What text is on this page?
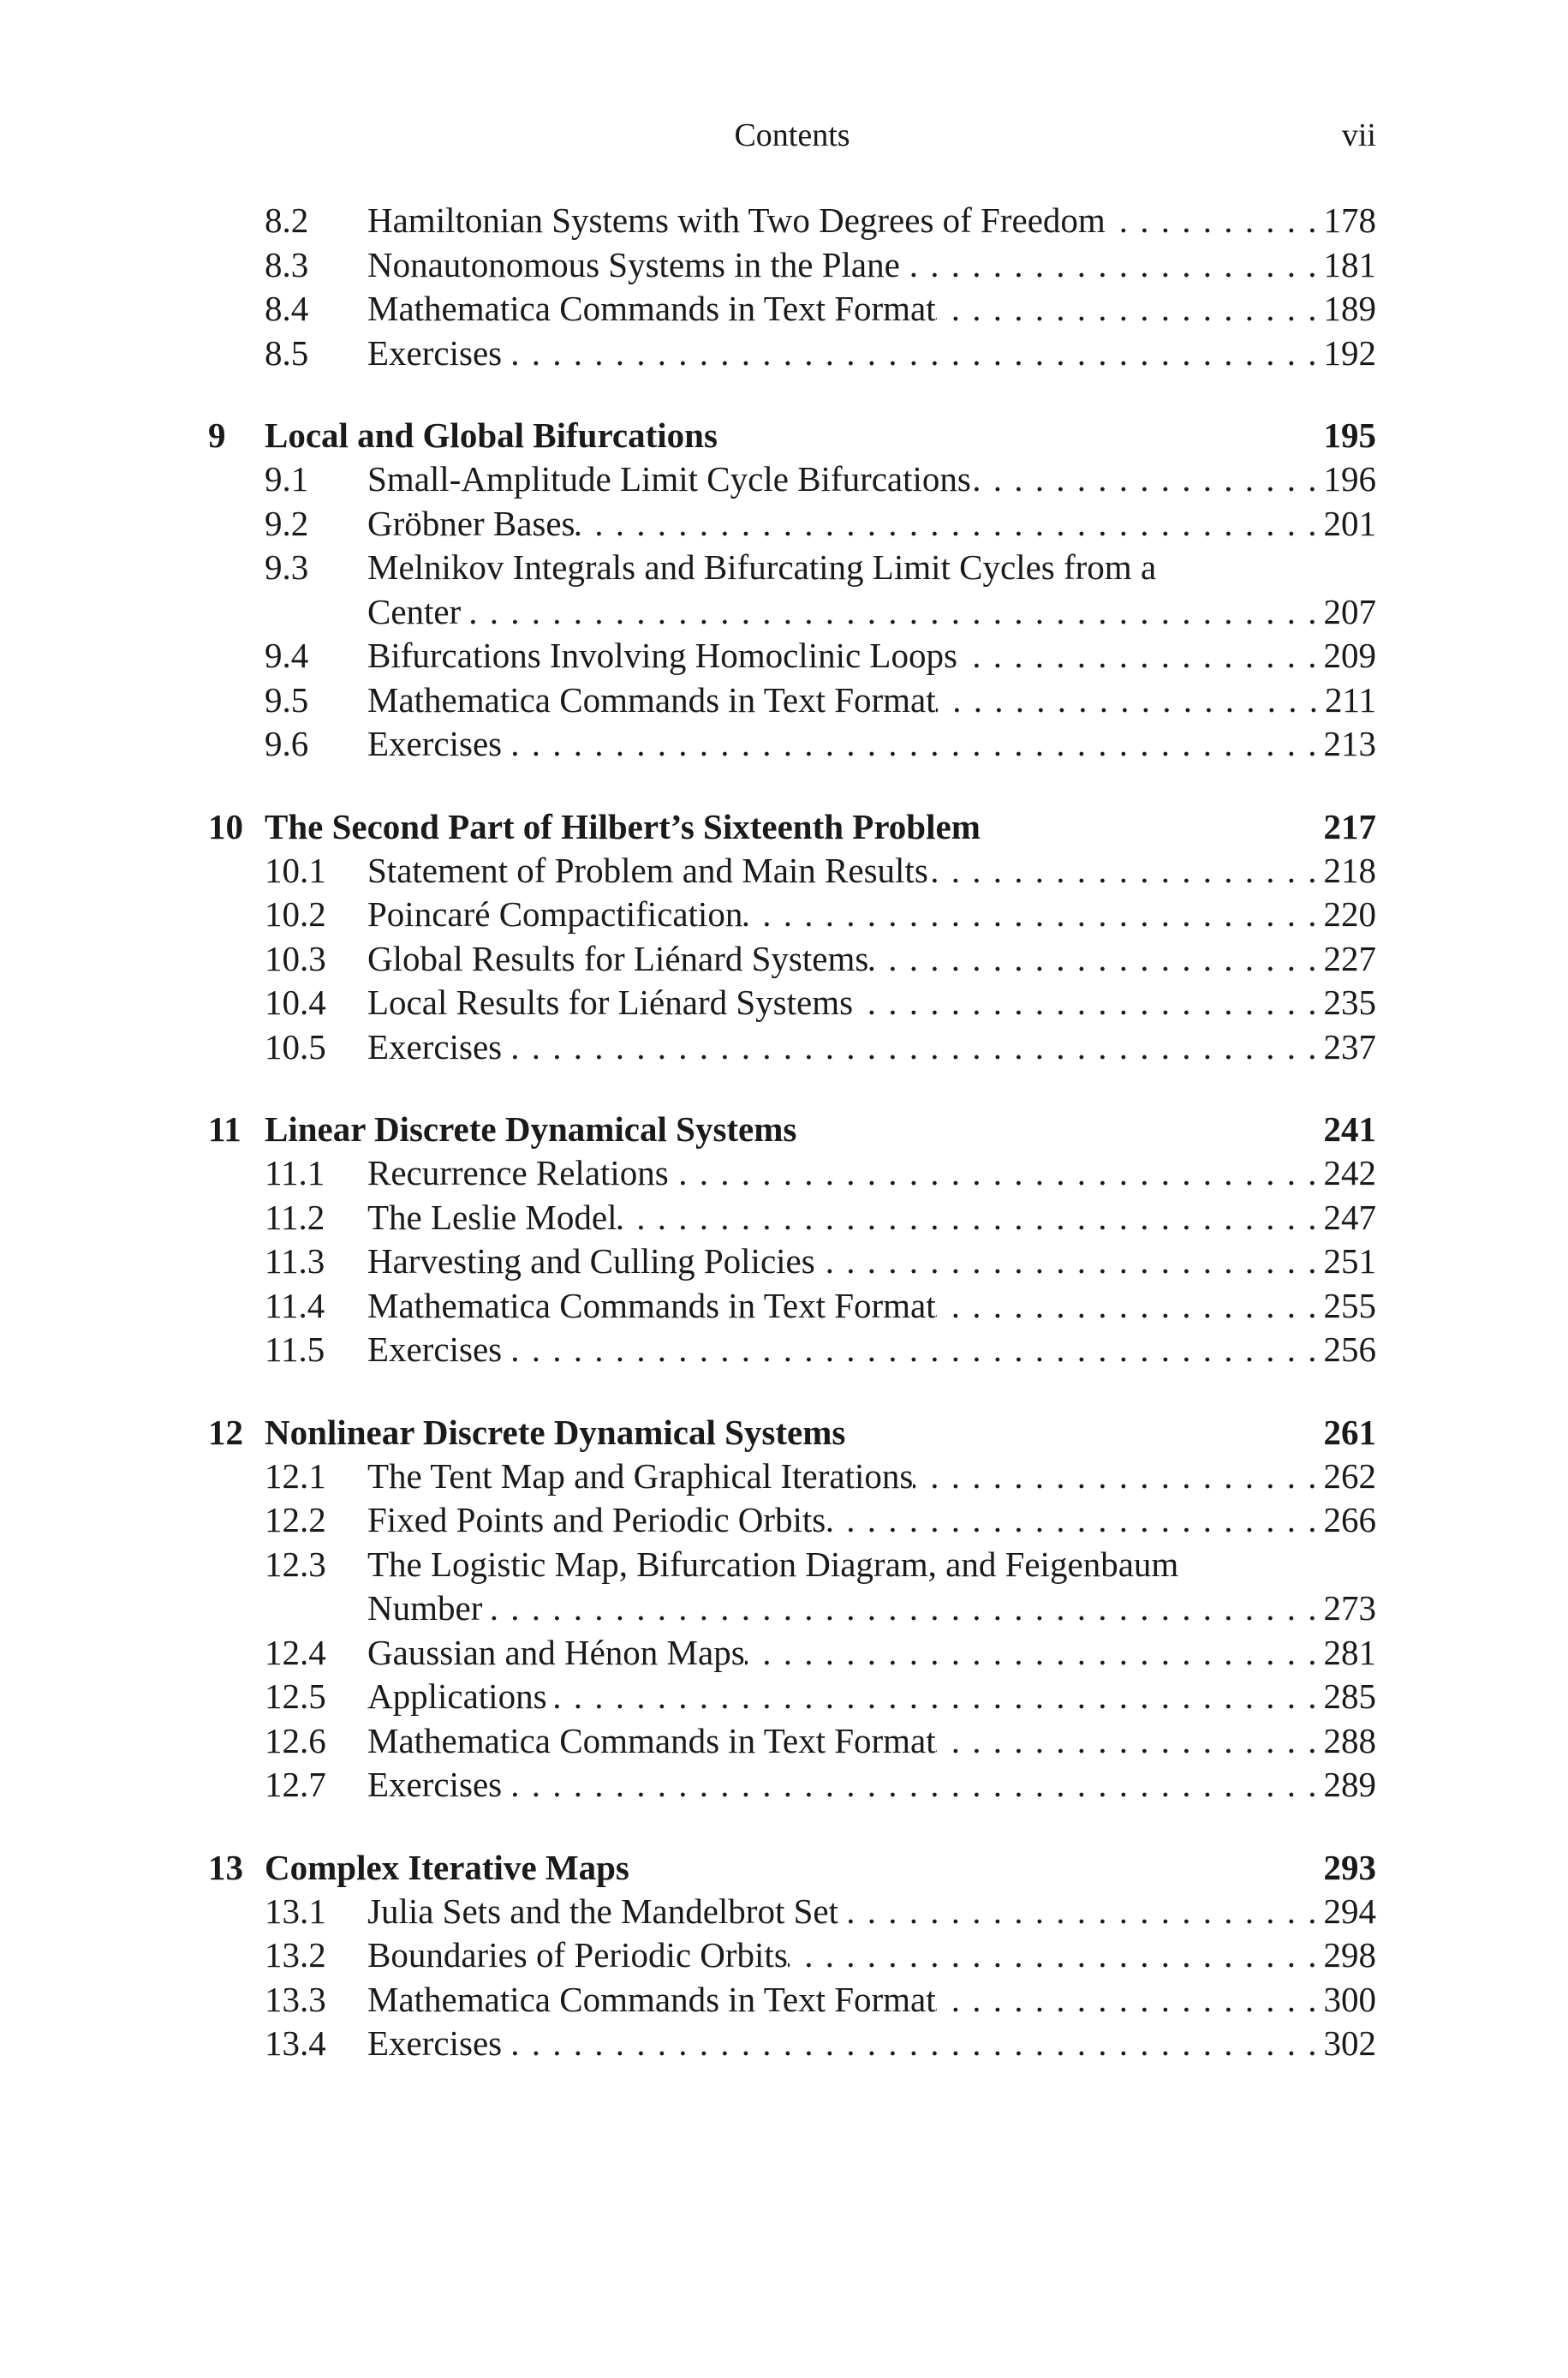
Contents	vii
8.2 Hamiltonian Systems with Two Degrees of Freedom . . .	178
8.3 Nonautonomous Systems in the Plane . . .	181
8.4 Mathematica Commands in Text Format . . .	189
8.5 Exercises . . .	192
9 Local and Global Bifurcations	195
9.1 Small-Amplitude Limit Cycle Bifurcations . . .	196
9.2 Gröbner Bases . . .	201
9.3 Melnikov Integrals and Bifurcating Limit Cycles from a
Center . . .	207
9.4 Bifurcations Involving Homoclinic Loops . . .	209
9.5 Mathematica Commands in Text Format . . .	211
9.6 Exercises . . .	213
10 The Second Part of Hilbert’s Sixteenth Problem	217
10.1 Statement of Problem and Main Results . . .	218
10.2 Poincaré Compactification . . .	220
10.3 Global Results for Liénard Systems . . .	227
10.4 Local Results for Liénard Systems . . .	235
10.5 Exercises . . .	237
11 Linear Discrete Dynamical Systems	241
11.1 Recurrence Relations . . .	242
11.2 The Leslie Model . . .	247
11.3 Harvesting and Culling Policies . . .	251
11.4 Mathematica Commands in Text Format . . .	255
11.5 Exercises . . .	256
12 Nonlinear Discrete Dynamical Systems	261
12.1 The Tent Map and Graphical Iterations . . .	262
12.2 Fixed Points and Periodic Orbits . . .	266
12.3 The Logistic Map, Bifurcation Diagram, and Feigenbaum
Number . . .	273
12.4 Gaussian and Hénon Maps . . .	281
12.5 Applications . . .	285
12.6 Mathematica Commands in Text Format . . .	288
12.7 Exercises . . .	289
13 Complex Iterative Maps	293
13.1 Julia Sets and the Mandelbrot Set . . .	294
13.2 Boundaries of Periodic Orbits . . .	298
13.3 Mathematica Commands in Text Format . . .	300
13.4 Exercises . . .	302
